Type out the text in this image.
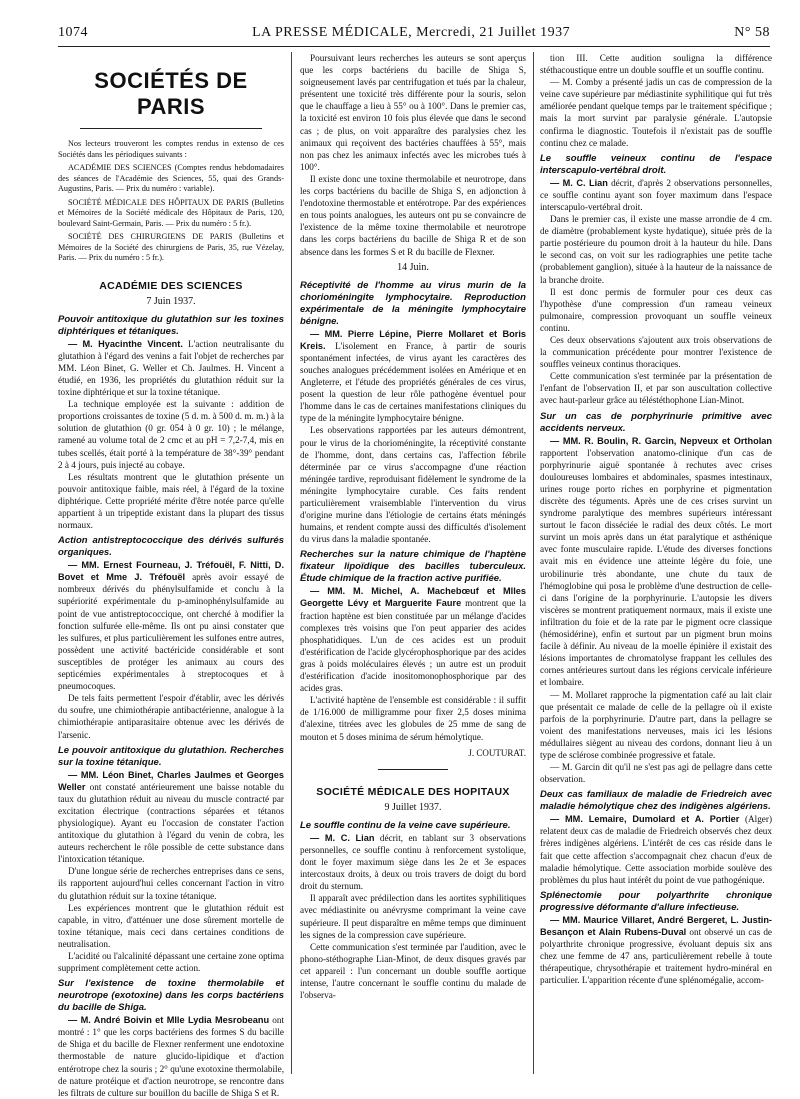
1074	LA PRESSE MÉDICALE, Mercredi, 21 Juillet 1937	N° 58
SOCIÉTÉS DE PARIS

Nos lecteurs trouveront les comptes rendus in extenso de ces Sociétés dans les périodiques suivants :

ACADÉMIE DES SCIENCES (Comptes rendus hebdomadaires des séances de l'Académie des Sciences, 55, quai des Grands-Augustins, Paris. — Prix du numéro : variable).

SOCIÉTÉ MÉDICALE DES HÔPITAUX DE PARIS (Bulletins et Mémoires de la Société médicale des Hôpitaux de Paris, 120, boulevard Saint-Germain, Paris. — Prix du numéro : 5 fr.).

SOCIÉTÉ DES CHIRURGIENS DE PARIS (Bulletins et Mémoires de la Société des chirurgiens de Paris, 35, rue Vézelay, Paris. — Prix du numéro : 5 fr.).

ACADÉMIE DES SCIENCES
7 Juin 1937.
Pouvoir antitoxique du glutathion sur les toxines diphtériques et tétaniques.

— M. Hyacinthe Vincent. L'action neutralisante du glutathion à l'égard des venins a fait l'objet de recherches par MM. Léon Binet, G. Weller et Ch. Jaulmes. H. Vincent a étudié, en 1936, les propriétés du glutathion réduit sur la toxine diphtérique et sur la toxine tétanique.

La technique employée est la suivante : addition de proportions croissantes de toxine (5 d. m. à 500 d. m. m.) à la solution de glutathion (0 gr. 054 à 0 gr. 10) ; le mélange, ramené au volume total de 2 cmc et au pH = 7,2-7,4, mis en tubes scellés, était porté à la température de 38°-39° pendant 2 à 4 jours, puis injecté au cobaye.

Les résultats montrent que le glutathion présente un pouvoir antitoxique faible, mais réel, à l'égard de la toxine diphtérique. Cette propriété mérite d'être notée parce qu'elle appartient à un tripeptide existant dans la plupart des tissus normaux.

Action antistreptococcique des dérivés sulfurés organiques.

— MM. Ernest Fourneau, J. Tréfouël, F. Nitti, D. Bovet et Mme J. Tréfouël après avoir essayé de nombreux dérivés du phénylsulfamide et conclu à la supériorité expérimentale du p-aminophénylsulfamide au point de vue antistreptococcique, ont cherché à modifier la fonction sulfurée elle-même. Ils ont pu ainsi constater que les sulfures, et plus particulièrement les sulfones entre autres, possèdent une activité bactéricide considérable et sont susceptibles de protéger les animaux au cours des septicémies expérimentales à streptocoques et à pneumocoques.

De tels faits permettent l'espoir d'établir, avec les dérivés du soufre, une chimiothérapie antibactérienne, analogue à la chimiothérapie antiparasitaire obtenue avec les dérivés de l'arsenic.

Le pouvoir antitoxique du glutathion. Recherches sur la toxine tétanique.

— MM. Léon Binet, Charles Jaulmes et Georges Weller ont constaté antérieurement une baisse notable du taux du glutathion réduit au niveau du muscle contracté par excitation électrique (contractions séparées et tétanos physiologique). Ayant eu l'occasion de constater l'action antitoxique du glutathion à l'égard du venin de cobra, les auteurs recherchent le rôle possible de cette substance dans l'intoxication tétanique.

D'une longue série de recherches entreprises dans ce sens, ils rapportent aujourd'hui celles concernant l'action in vitro du glutathion réduit sur la toxine tétanique.

Les expériences montrent que le glutathion réduit est capable, in vitro, d'atténuer une dose sûrement mortelle de toxine tétanique, mais ceci dans certaines conditions de neutralisation.

L'acidité ou l'alcalinité dépassant une certaine zone optima suppriment complètement cette action.

Sur l'existence de toxine thermolabile et neurotrope (exotoxine) dans les corps bactériens du bacille de Shiga.

— M. André Boivin et Mlle Lydia Mesrobeanu ont montré : 1° que les corps bactériens des formes S du bacille de Shiga et du bacille de Flexner renferment une endotoxine thermostable de nature glucido-lipidique et d'action entérotrope chez la souris ; 2° qu'une exotoxine thermolabile, de nature protéique et d'action neurotrope, se rencontre dans les filtrats de culture sur bouillon du bacille de Shiga S et R.

Poursuivant leurs recherches les auteurs se sont aperçus que les corps bactériens du bacille de Shiga S, soigneusement lavés par centrifugation et tués par la chaleur, présentent une toxicité très différente pour la souris, selon que le chauffage a lieu à 55° ou à 100°. Dans le premier cas, la toxicité est environ 10 fois plus élevée que dans le second cas ; de plus, on voit apparaître des paralysies chez les animaux qui reçoivent des bactéries chauffées à 55°, mais non pas chez les animaux infectés avec les microbes tués à 100°.

Il existe donc une toxine thermolabile et neurotrope, dans les corps bactériens du bacille de Shiga S, en adjonction à l'endotoxine thermostable et entérotrope. Par des expériences en tous points analogues, les auteurs ont pu se convaincre de l'existence de la même toxine thermolabile et neurotrope dans les corps bactériens du bacille de Shiga R et de son absence dans les formes S et R du bacille de Flexner.

14 Juin.
Réceptivité de l'homme au virus murin de la chorioméningite lymphocytaire. Reproduction expérimentale de la méningite lymphocytaire bénigne.

— MM. Pierre Lépine, Pierre Mollaret et Boris Kreis. L'isolement en France, à partir de souris spontanément infectées, de virus ayant les caractères des souches analogues précédemment isolées en Amérique et en Angleterre, et l'étude des propriétés générales de ces virus, posent la question de leur rôle pathogène éventuel pour l'homme dans le cas de certaines manifestations cliniques du type de la méningite lymphocytaire bénigne.

Les observations rapportées par les auteurs démontrent, pour le virus de la chorioméningite, la réceptivité constante de l'homme, dont, dans certains cas, l'affection fébrile déterminée par ce virus s'accompagne d'une réaction méningée tardive, reproduisant fidèlement le syndrome de la méningite lymphocytaire curable. Ces faits rendent particulièrement vraisemblable l'intervention du virus d'origine murine dans l'étiologie de certains états méningés humains, et rendent compte aussi des difficultés d'isolement du virus dans la maladie spontanée.

Recherches sur la nature chimique de l'haptène fixateur lipoïdique des bacilles tuberculeux. Étude chimique de la fraction active purifiée.

— MM. M. Michel, A. Machebœuf et Mlles Georgette Lévy et Marguerite Faure montrent que la fraction haptène est bien constituée par un mélange d'acides complexes très voisins que l'on peut apparier des acides phosphatidiques. L'un de ces acides est un produit d'estérification de l'acide glycérophosphorique par des acides gras à poids moléculaires élevés ; un autre est un produit d'estérification d'acide inositomonophosphorique par des acides gras.

L'activité haptène de l'ensemble est considérable : il suffit de 1/16.000 de milligramme pour fixer 2,5 doses minima d'alexine, titrées avec les globules de 25 mme de sang de mouton et 5 doses minima de sérum hémolytique.

J. COUTURAT.
SOCIÉTÉ MÉDICALE DES HOPITAUX
9 Juillet 1937.
Le souffle continu de la veine cave supérieure.

— M. C. Lian décrit, en tablant sur 3 observations personnelles, ce souffle continu à renforcement systolique, dont le foyer maximum siège dans les 2e et 3e espaces intercostaux droits, à deux ou trois travers de doigt du bord droit du sternum.

Il apparaît avec prédilection dans les aortites syphilitiques avec médiastinite ou anévrysme comprimant la veine cave supérieure. Il peut disparaître en même temps que diminuent les signes de la compression cave supérieure.

Cette communication s'est terminée par l'audition, avec le phono-stéthographe Lian-Minot, de deux disques gravés par cet appareil : l'un concernant un double souffle aortique intense, l'autre concernant le souffle continu du malade de l'observa-

tion III. Cette audition souligna la différence stéthacoustique entre un double souffle et un souffle continu.

— M. Comby a présenté jadis un cas de compression de la veine cave supérieure par médiastinite syphilitique qui fut très améliorée pendant quelque temps par le traitement spécifique ; mais la mort survint par paralysie générale. L'autopsie confirma le diagnostic. Toutefois il n'existait pas de souffle continu chez ce malade.

Le souffle veineux continu de l'espace interscapulo-vertébral droit.

— M. C. Lian décrit, d'après 2 observations personnelles, ce souffle continu ayant son foyer maximum dans l'espace interscapulo-vertébral droit.

Dans le premier cas, il existe une masse arrondie de 4 cm. de diamètre (probablement kyste hydatique), située près de la partie postérieure du poumon droit à la hauteur du hile. Dans le second cas, on voit sur les radiographies une petite tache (probablement ganglion), située à la hauteur de la naissance de la branche droite.

Il est donc permis de formuler pour ces deux cas l'hypothèse d'une compression d'un rameau veineux pulmonaire, compression provoquant un souffle veineux continu.

Ces deux observations s'ajoutent aux trois observations de la communication précédente pour montrer l'existence de souffles veineux continus thoraciques.

Cette communication s'est terminée par la présentation de l'enfant de l'observation II, et par son auscultation collective avec haut-parleur grâce au téléstéthophone Lian-Minot.

Sur un cas de porphyrinurie primitive avec accidents nerveux.

— MM. R. Boulin, R. Garcin, Nepveux et Ortholan rapportent l'observation anatomo-clinique d'un cas de porphyrinurie aiguë spontanée à rechutes avec crises douloureuses lombaires et abdominales, spasmes intestinaux, urines rouge porto riches en porphyrine et pigmentation discrète des téguments. Après une de ces crises survint un syndrome paralytique des membres supérieurs intéressant surtout le facon disséciée le radial des deux côtés. Le mort survint un mois après dans un état paralytique et asthénique avec fonte musculaire rapide. L'étude des diverses fonctions avait mis en évidence une atteinte légère du foie, une urobilinurie très abondante, une chute du taux de l'hémoglobine qui posa le problème d'une destruction de celle-ci dans l'origine de la porphyrinurie. L'autopsie les divers viscères se montrent pratiquement normaux, mais il existe une infiltration du foie et de la rate par le pigment ocre classique (hémosidérine), enfin et surtout par un pigment brun moins facile à définir. Au niveau de la moelle épinière il existait des lésions importantes de chromatolyse frappant les cellules des cornes antérieures surtout dans les régions cervicale inférieure et lombaire.

— M. Mollaret rapproche la pigmentation café au lait clair que présentait ce malade de celle de la pellagre où il existe parfois de la porphyrinurie. D'autre part, dans la pellagre se voient des manifestations nerveuses, mais ici les lésions médullaires siègent au niveau des cordons, donnant lieu à un type de sclérose combinée progressive et fatale.

— M. Garcin dit qu'il ne s'est pas agi de pellagre dans cette observation.

Deux cas familiaux de maladie de Friedreich avec maladie hémolytique chez des indigènes algériens.

— MM. Lemaire, Dumolard et A. Portier (Alger) relatent deux cas de maladie de Friedreich observés chez deux frères indigènes algériens. L'intérêt de ces cas réside dans le fait que cette affection s'accompagnait chez chacun d'eux de maladie hémolytique. Cette association morbide soulève des problèmes du plus haut intérêt du point de vue pathogénique.

Splénectomie pour polyarthrite chronique progressive déformante d'allure infectieuse.

— MM. Maurice Villaret, André Bergeret, L. Justin-Besançon et Alain Rubens-Duval ont observé un cas de polyarthrite chronique progressive, évoluant depuis six ans chez une femme de 47 ans, particulièrement rebelle à toute thérapeutique, chrysothérapie et traitement hydro-minéral en particulier. L'apparition récente d'une splénomégalie, accom-
